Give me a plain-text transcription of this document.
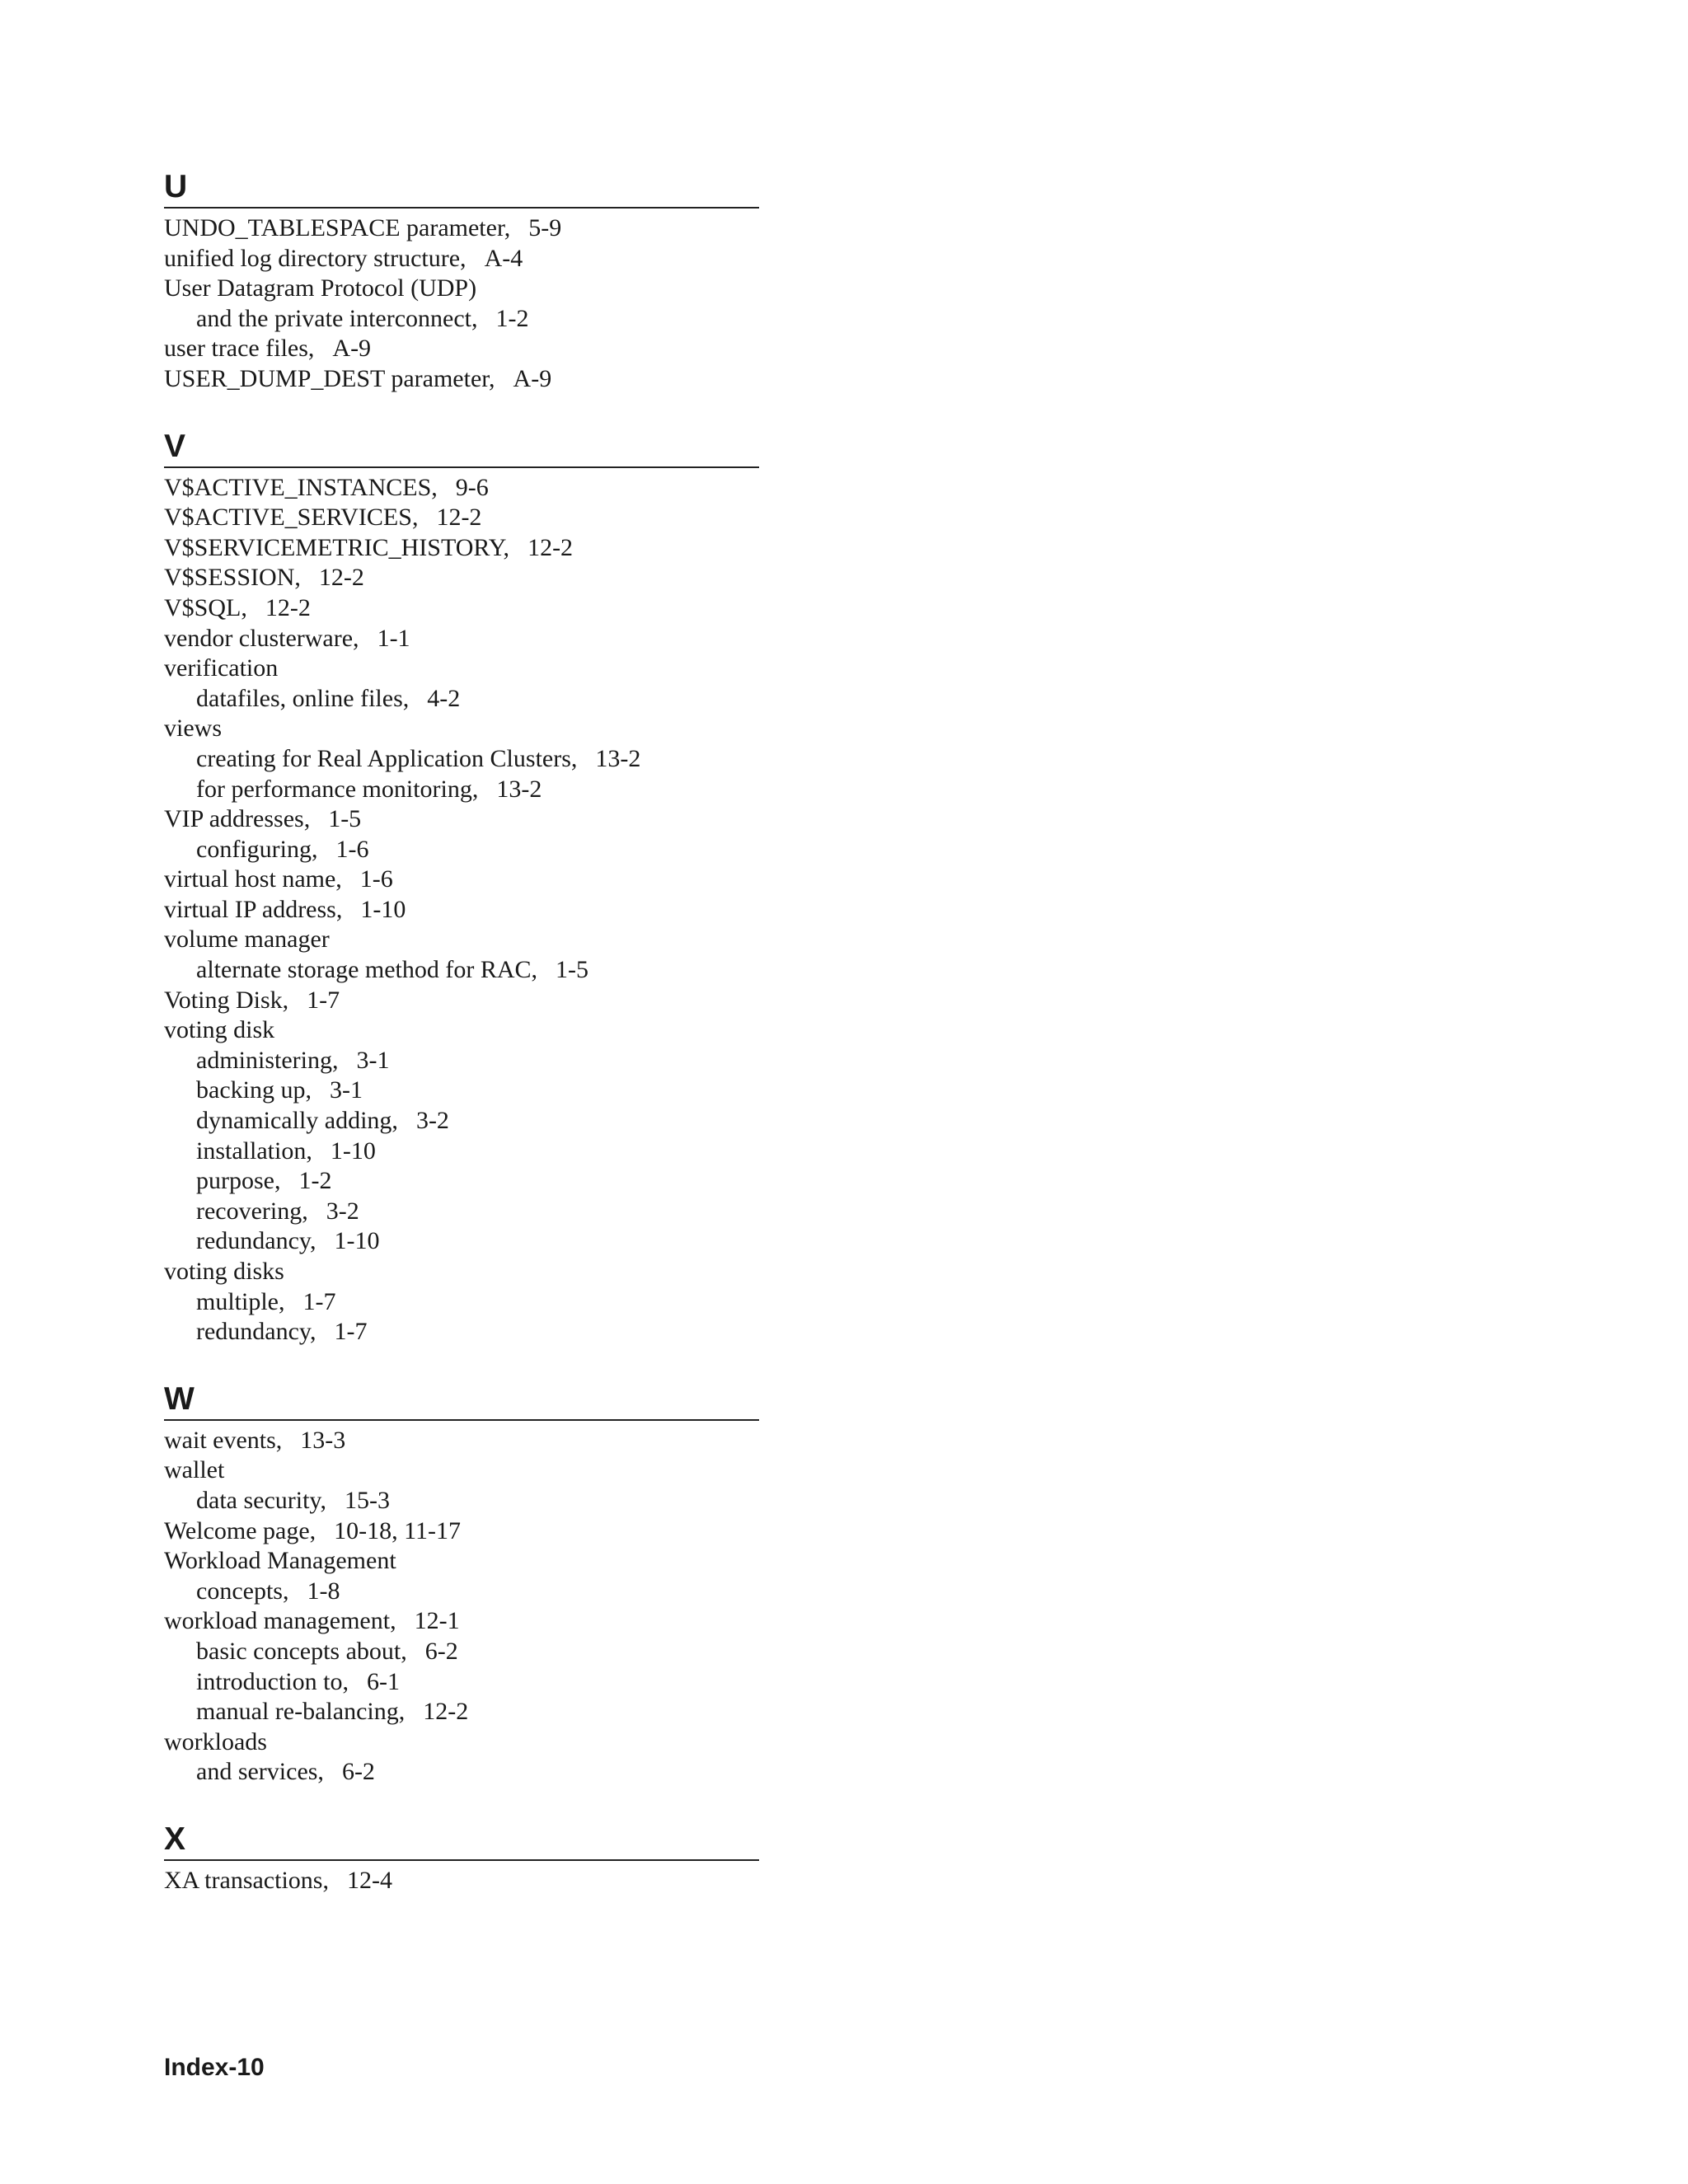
U
UNDO_TABLESPACE parameter, 5-9
unified log directory structure, A-4
User Datagram Protocol (UDP)
and the private interconnect, 1-2
user trace files, A-9
USER_DUMP_DEST parameter, A-9
V
V$ACTIVE_INSTANCES, 9-6
V$ACTIVE_SERVICES, 12-2
V$SERVICEMETRIC_HISTORY, 12-2
V$SESSION, 12-2
V$SQL, 12-2
vendor clusterware, 1-1
verification
datafiles, online files, 4-2
views
creating for Real Application Clusters, 13-2
for performance monitoring, 13-2
VIP addresses, 1-5
configuring, 1-6
virtual host name, 1-6
virtual IP address, 1-10
volume manager
alternate storage method for RAC, 1-5
Voting Disk, 1-7
voting disk
administering, 3-1
backing up, 3-1
dynamically adding, 3-2
installation, 1-10
purpose, 1-2
recovering, 3-2
redundancy, 1-10
voting disks
multiple, 1-7
redundancy, 1-7
W
wait events, 13-3
wallet
data security, 15-3
Welcome page, 10-18, 11-17
Workload Management
concepts, 1-8
workload management, 12-1
basic concepts about, 6-2
introduction to, 6-1
manual re-balancing, 12-2
workloads
and services, 6-2
X
XA transactions, 12-4
Index-10
